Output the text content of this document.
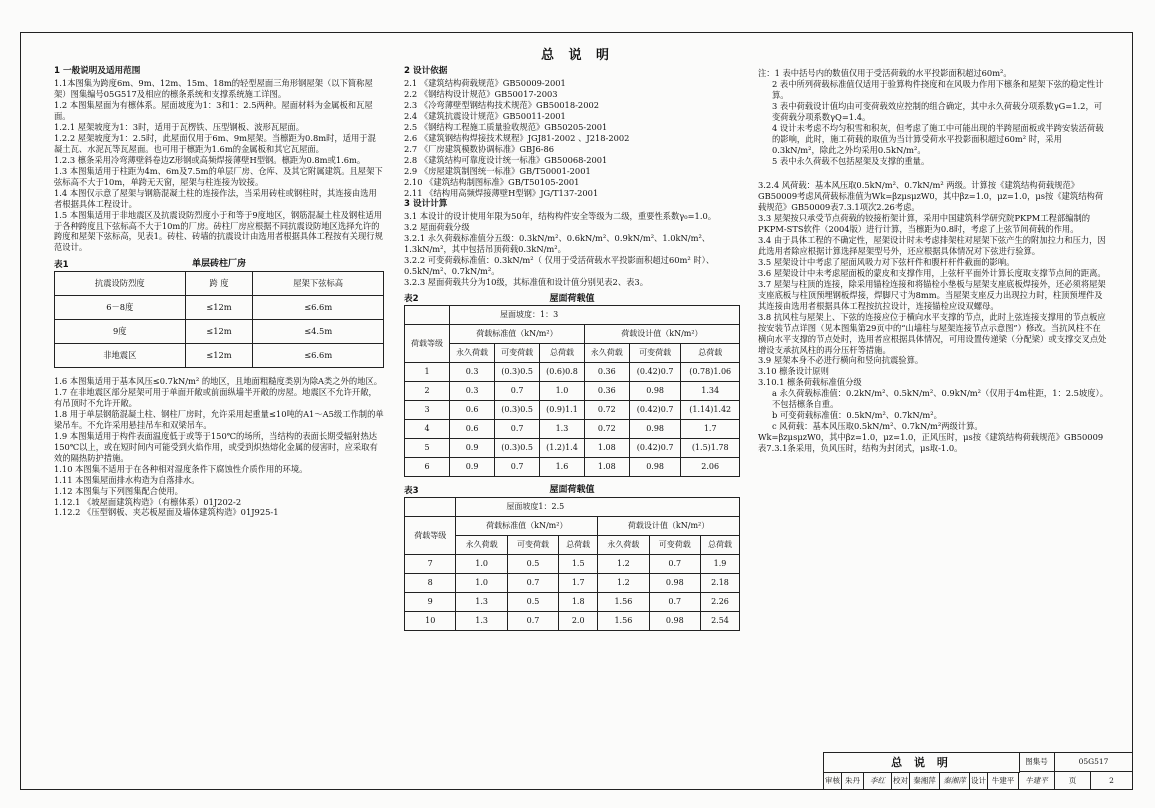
总 说 明

1 一般说明及适用范围

1.1本图集为跨度6m、9m、12m、15m、18m的轻型屋面三角形钢屋架（以下简称屋架）图集编号05G517及相应的檩条系统和支撑系统施工详图。

1.2 本图集屋面为有檩体系。屋面坡度为1：3和1：2.5两种。屋面材料为金属板和瓦屋面。

1.2.1 屋架坡度为1：3时，适用于瓦楞铁、压型钢板、波形瓦屋面。

1.2.2 屋架坡度为1：2.5时，此屋面仅用于6m、9m屋架。当檩距为0.8m时，适用于混凝土瓦、水泥瓦等瓦屋面。也可用于檩距为1.6m的金属板和其它瓦屋面。

1.2.3 檩条采用冷弯薄壁斜卷边Z形钢或高频焊接薄壁H型钢。檩距为0.8m或1.6m。

1.3 本图集适用于柱距为4m、6m及7.5m的单层厂房、仓库、及其它附属建筑。且屋架下弦标高不大于10m，单跨无天窗，屋架与柱连接为铰接。

1.4 本图仅示意了屋架与钢筋混凝土柱的连接作法，当采用砖柱或钢柱时，其连接由选用者根据具体工程设计。

1.5 本图集适用于非地震区及抗震设防烈度小于和等于9度地区，钢筋混凝土柱及钢柱适用于各种跨度且下弦标高不大于10m的厂房。砖柱厂房应根据不同抗震设防地区选择允许的跨度和屋架下弦标高，见表1。砖柱、砖墙的抗震设计由选用者根据具体工程按有关现行规范设计。

表1	单层砖柱厂房
抗震设防烈度	跨 度	屋架下弦标高
6－8度	≤12m	≤6.6m
9度	≤12m	≤4.5m
非地震区	≤12m	≤6.6m

1.6 本图集适用于基本风压≤0.7kN/m² 的地区，且地面粗糙度类别为除A类之外的地区。

1.7 在非地震区部分屋架可用于单面开敞或前面纵墙半开敞的房屋。地震区不允许开敞，有吊顶时不允许开敞。

1.8 用于单层钢筋混凝土柱、钢柱厂房时，允许采用起重量≤10吨的A1～A5级工作制的单梁吊车。不允许采用悬挂吊车和双梁吊车。

1.9 本图集适用于构件表面温度低于或等于150℃的场所，当结构的表面长期受辐射热达150℃以上，或在短时间内可能受到火焰作用，或受到炽热熔化金属的侵害时，应采取有效的隔热防护措施。

1.10 本图集不适用于在各种相对湿度条件下腐蚀性介质作用的环境。

1.11 本图集屋面排水构造为自落排水。

1.12 本图集与下列图集配合使用。

1.12.1 《坡屋面建筑构造》（有檩体系）01J202-2

1.12.2 《压型钢板、夹芯板屋面及墙体建筑构造》01J925-1

2 设计依据

2.1 《建筑结构荷载规范》GB50009-2001

2.2 《钢结构设计规范》GB50017-2003

2.3 《冷弯薄壁型钢结构技术规范》GB50018-2002

2.4 《建筑抗震设计规范》GB50011-2001

2.5 《钢结构工程施工质量验收规范》GB50205-2001

2.6 《建筑钢结构焊接技术规程》JGJ81-2002 、J218-2002

2.7 《厂房建筑模数协调标准》GBJ6-86

2.8 《建筑结构可靠度设计统一标准》GB50068-2001

2.9 《房屋建筑制图统一标准》GB/T50001-2001

2.10 《建筑结构制图标准》GB/T50105-2001

2.11 《结构用高频焊接薄壁H型钢》JG/T137-2001

3 设计计算

3.1 本设计的设计使用年限为50年，结构构件安全等级为二级，重要性系数γ₀=1.0。

3.2 屋面荷载分级

3.2.1 永久荷载标准值分五级：0.3kN/m²、0.6kN/m²、0.9kN/m²、1.0kN/m²、1.3kN/m²，其中包括吊顶荷载0.3kN/m²。

3.2.2 可变荷载标准值：0.3kN/m²（ 仅用于受活荷载水平投影面积超过60m² 时）、0.5kN/m²、0.7kN/m²。

3.2.3 屋面荷载共分为10级，其标准值和设计值分别见表2、表3。

表2	屋面荷载值
	屋面坡度：1：3					
荷载等级	荷载标准值（kN/m²）			荷载设计值（kN/m²）		
	永久荷载	可变荷载	总荷载	永久荷载	可变荷载	总荷载
1	0.3	(0.3)0.5	(0.6)0.8	0.36	(0.42)0.7	(0.78)1.06
2	0.3	0.7	1.0	0.36	0.98	1.34
3	0.6	(0.3)0.5	(0.9)1.1	0.72	(0.42)0.7	(1.14)1.42
4	0.6	0.7	1.3	0.72	0.98	1.7
5	0.9	(0.3)0.5	(1.2)1.4	1.08	(0.42)0.7	(1.5)1.78
6	0.9	0.7	1.6	1.08	0.98	2.06
表3	屋面荷载值
	屋面坡度1：2.5					
荷载等级	荷载标准值（kN/m²）			荷载设计值（kN/m²）		
	永久荷载	可变荷载	总荷载	永久荷载	可变荷载	总荷载
7	1.0	0.5	1.5	1.2	0.7	1.9
8	1.0	0.7	1.7	1.2	0.98	2.18
9	1.3	0.5	1.8	1.56	0.7	2.26
10	1.3	0.7	2.0	1.56	0.98	2.54

注：1 表中括号内的数值仅用于受活荷载的水平投影面积超过60m²。

2 表中所列荷载标准值仅适用于验算构件挠度和在风吸力作用下檩条和屋架下弦的稳定性计算。

3 表中荷载设计值均由可变荷载效应控制的组合确定，其中永久荷载分项系数γG=1.2，可变荷载分项系数γQ=1.4。

4 设计未考虑不均匀积雪和积灰，但考虑了施工中可能出现的半跨屋面板或半跨安装活荷载的影响，此时，施工荷载的取值为当计算受荷水平投影面积超过60m² 时，采用0.3kN/m²，除此之外均采用0.5kN/m²。

5 表中永久荷载不包括屋架及支撑的重量。

3.2.4 风荷载：基本风压取0.5kN/m²、0.7kN/m² 两级。计算按《建筑结构荷载规范》GB50009考虑风荷载标准值为Wk=βzμsμzW0，其中βz=1.0，μz=1.0，μs按《建筑结构荷载规范》GB50009表7.3.1项次2.26考虑。

3.3 屋架按只承受节点荷载的铰接桁架计算，采用中国建筑科学研究院PKPM工程部编制的PKPM-STS软件（2004版）进行计算，当檩距为0.8时，考虑了上弦节间荷载的作用。

3.4 由于具体工程的不确定性，屋架设计时未考虑排架柱对屋架下弦产生的附加拉力和压力，因此选用者除应根据计算选择屋架型号外，还应根据具体情况对下弦进行验算。

3.5 屋架设计中考虑了屋面风吸力对下弦杆件和腹杆杆件截面的影响。

3.6 屋架设计中未考虑屋面板的蒙皮和支撑作用，上弦杆平面外计算长度取支撑节点间的距离。

3.7 屋架与柱顶的连接，除采用锚栓连接和将锚栓小垫板与屋架支座底板焊接外，还必须将屋架支座底板与柱顶预埋钢板焊接，焊脚尺寸为8mm。当屋架支座反力出现拉力时，柱顶预埋件及其连接由选用者根据具体工程按抗拉设计，连接锚栓应设双螺母。

3.8 抗风柱与屋架上、下弦的连接应位于横向水平支撑的节点，此时上弦连接支撑用的节点板应按安装节点详图（见本图集第29页中的“山墙柱与屋架连接节点示意图”）修改。当抗风柱不在横向水平支撑的节点处时，选用者应根据具体情况，可用设置传递梁（分配梁）或支撑交叉点处增设支承抗风柱的再分压杆等措施。

3.9 屋架本身不必进行横向和竖向抗震验算。

3.10 檩条设计原则

3.10.1 檩条荷载标准值分级

a 永久荷载标准值：0.2kN/m²、0.5kN/m²、0.9kN/m²（仅用于4m柱距，1：2.5坡度）。不包括檩条自重。

b 可变荷载标准值：0.5kN/m²、0.7kN/m²。

c 风荷载：基本风压取0.5kN/m²、0.7kN/m²两级计算。

Wk=βzμsμzW0，其中βz=1.0，μz=1.0，正风压时，μs按《建筑结构荷载规范》GB50009表7.3.1条采用，负风压时，结构为封闭式，μs取-1.0。

总 说 明	图集号	05G517
审核 朱丹	李红	校对 秦湘萍	秦湘萍 设计 牛建平	牛建平	页	2
